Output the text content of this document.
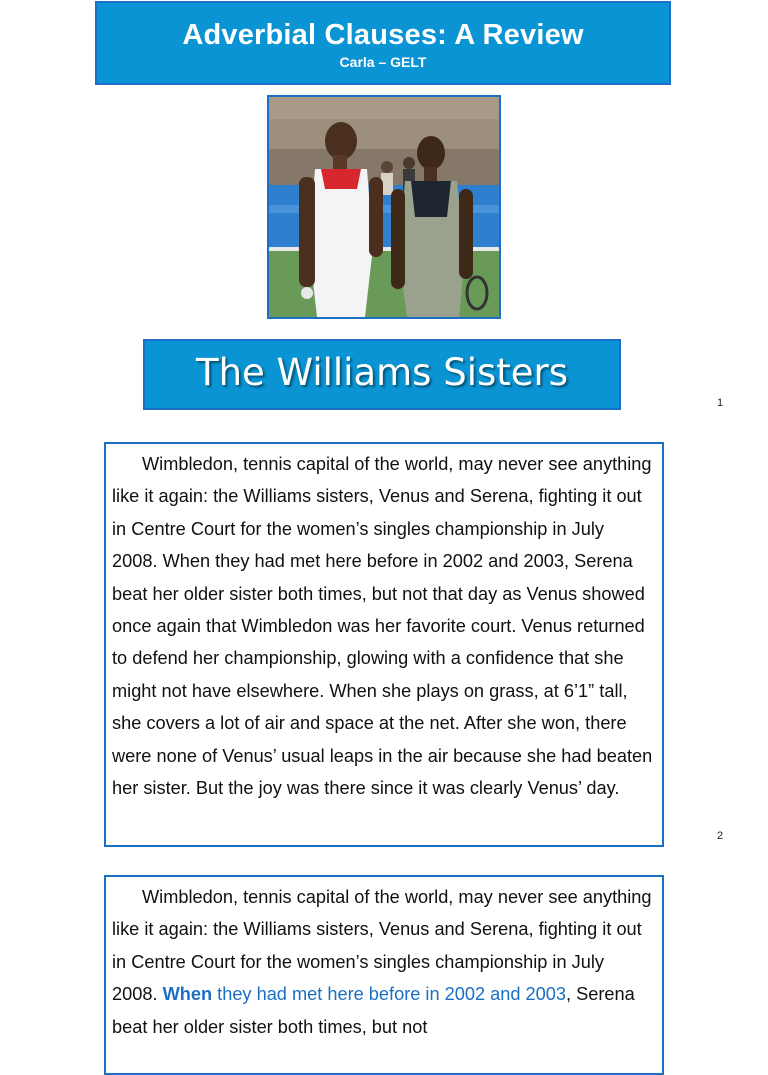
Adverbial Clauses: A Review
Carla – GELT
The Williams Sisters
1
2

Wimbledon, tennis capital of the world, may never see anything like it again: the Williams sisters, Venus and Serena, fighting it out in Centre Court for the women’s singles championship in July 2008. When they had met here before in 2002 and 2003, Serena beat her older sister both times, but not that day as Venus showed once again that Wimbledon was her favorite court. Venus returned to defend her championship, glowing with a confidence that she might not have elsewhere. When she plays on grass, at 6’1” tall, she covers a lot of air and space at the net. After she won, there were none of Venus’ usual leaps in the air because she had beaten her sister. But the joy was there since it was clearly Venus’ day.

Wimbledon, tennis capital of the world, may never see anything like it again: the Williams sisters, Venus and Serena, fighting it out in Centre Court for the women’s singles championship in July 2008. When they had met here before in 2002 and 2003, Serena beat her older sister both times, but not
